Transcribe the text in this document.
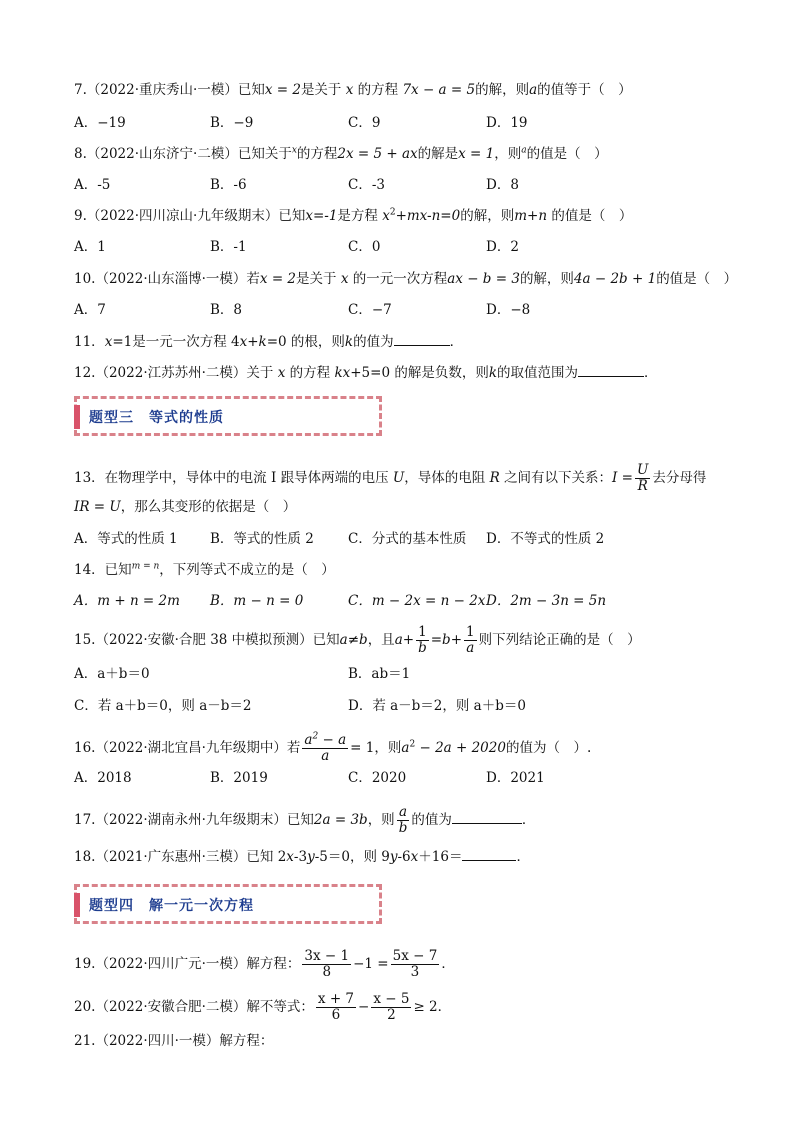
7.（2022·重庆秀山·一模）已知x = 2是关于 x 的方程 7x − a = 5的解，则a的值等于（　）
A．−19	B．−9	C．9	D．19
8.（2022·山东济宁·二模）已知关于$^x$的方程2x = 5 + ax的解是x = 1，则$^a$的值是（　）
A．-5	B．-6	C．-3	D．8
9.（2022·四川凉山·九年级期末）已知x=-1是方程 $x^2+mx-n=0$的解，则m+n 的值是（　）
A．1	B．-1	C．0	D．2
10.（2022·山东淄博·一模）若x = 2是关于 x 的一元一次方程ax − b = 3的解，则4a − 2b + 1的值是（　）
A．7	B．8	C．−7	D．−8
11．x=1是一元一次方程 4x+k=0 的根，则k的值为	．
12.（2022·江苏苏州·二模）关于 x 的方程 kx+5=0 的解是负数，则k的取值范围为	．
题型三　等式的性质
13．在物理学中，导体中的电流 I 跟导体两端的电压 U，导体的电阻 R 之间有以下关系：$I = \frac{U}{R}$ 去分母得
IR = U，那么其变形的依据是（　）
A．等式的性质 1 B．等式的性质 2	C．分式的基本性质 D．不等式的性质 2
14．已知$^{m = n}$，下列等式不成立的是（　）
A．m + n = 2m B．m − n = 0	C．m − 2x = n − 2x D．2m − 3n = 5n
15.（2022·安徽·合肥 38 中模拟预测）已知a≠b，且$a+ \frac{1}{b} =b+ \frac{1}{a}$ 则下列结论正确的是（　）
A．a＋b＝0	B．ab＝1
C．若 a＋b＝0，则 a－b＝2	D．若 a－b＝2，则 a＋b＝0
16.（2022·湖北宜昌·九年级期中）若 $\frac{a^2 - a}{a} = 1$，则$a^2 - 2a + 2020$的值为（　）.
A．2018	B．2019	C．2020	D．2021
17.（2022·湖南永州·九年级期末）已知2a = 3b，则 $\frac{a}{b}$ 的值为	．
18.（2021·广东惠州·三模）已知 2x-3y-5＝0，则 9y-6x＋16＝	．
题型四　解一元一次方程
19.（2022·四川广元·一模）解方程： $\frac{3x - 1}{8} -1 = \frac{5x - 7}{3}$ ．
20.（2022·安徽合肥·二模）解不等式： $\frac{x + 7}{6} - \frac{x - 5}{2} \ge 2$．
21.（2022·四川·一模）解方程：
